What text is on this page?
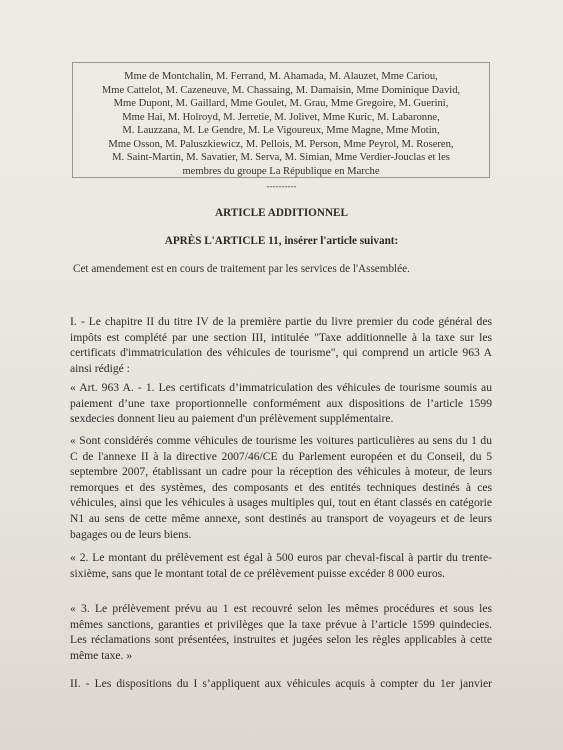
Mme de Montchalin, M. Ferrand, M. Ahamada, M. Alauzet, Mme Cariou,
Mme Cattelot, M. Cazeneuve, M. Chassaing, M. Damaisin, Mme Dominique David,
Mme Dupont, M. Gaillard, Mme Goulet, M. Grau, Mme Gregoire, M. Guerini,
Mme Hai, M. Holroyd, M. Jerretie, M. Jolivet, Mme Kuric, M. Labaronne,
M. Lauzzana, M. Le Gendre, M. Le Vigoureux, Mme Magne, Mme Motin,
Mme Osson, M. Paluszkiewicz, M. Pellois, M. Person, Mme Peyrol, M. Roseren,
M. Saint-Martin, M. Savatier, M. Serva, M. Simian, Mme Verdier-Jouclas et les
membres du groupe La République en Marche
----------
ARTICLE ADDITIONNEL
APRÈS L'ARTICLE 11, insérer l'article suivant:
Cet amendement est en cours de traitement par les services de l'Assemblée.
I. - Le chapitre II du titre IV de la première partie du livre premier du code général des
impôts est complété par une section III, intitulée "Taxe additionnelle à la taxe sur les
certificats d'immatriculation des véhicules de tourisme", qui comprend un article 963 A
ainsi rédigé :
« Art. 963 A. - 1. Les certificats d’immatriculation des véhicules de tourisme soumis au
paiement d’une taxe proportionnelle conformément aux dispositions de l’article 1599
sexdecies donnent lieu au paiement d'un prélèvement supplémentaire.
« Sont considérés comme véhicules de tourisme les voitures particulières au sens du 1 du
C de l'annexe II à la directive 2007/46/CE du Parlement européen et du Conseil, du 5
septembre 2007, établissant un cadre pour la réception des véhicules à moteur, de leurs
remorques et des systèmes, des composants et des entités techniques destinés à ces
véhicules, ainsi que les véhicules à usages multiples qui, tout en étant classés en catégorie
N1 au sens de cette même annexe, sont destinés au transport de voyageurs et de leurs
bagages ou de leurs biens.
« 2. Le montant du prélèvement est égal à 500 euros par cheval-fiscal à partir du trente-
sixième, sans que le montant total de ce prélèvement puisse excéder 8 000 euros.
« 3. Le prélèvement prévu au 1 est recouvré selon les mêmes procédures et sous les
mêmes sanctions, garanties et privilèges que la taxe prévue à l’article 1599 quindecies.
Les réclamations sont présentées, instruites et jugées selon les règles applicables à cette
même taxe. »
II. - Les dispositions du I s’appliquent aux véhicules acquis à compter du 1er janvier
